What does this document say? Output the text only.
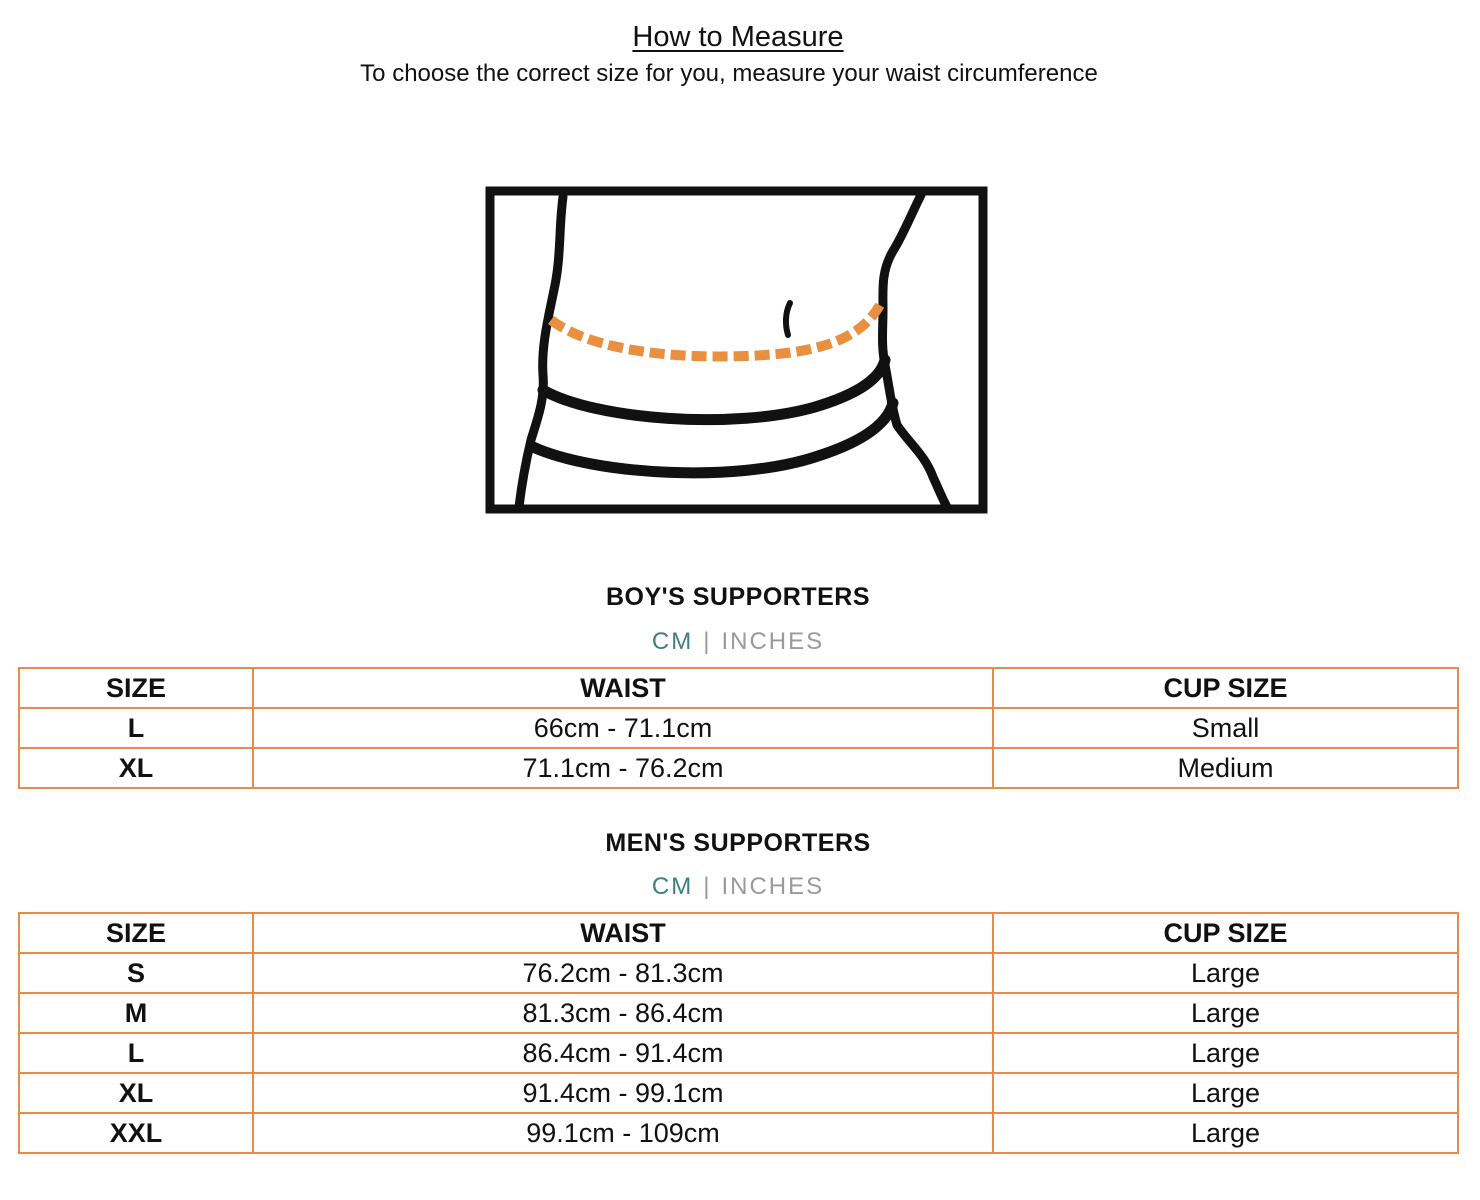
How to Measure
To choose the correct size for you, measure your waist circumference
BOY'S SUPPORTERS
CM | INCHES
SIZE	WAIST	CUP SIZE
L	66cm - 71.1cm	Small
XL	71.1cm - 76.2cm	Medium
MEN'S SUPPORTERS
CM | INCHES
SIZE	WAIST	CUP SIZE
S	76.2cm - 81.3cm	Large
M	81.3cm - 86.4cm	Large
L	86.4cm - 91.4cm	Large
XL	91.4cm - 99.1cm	Large
XXL	99.1cm - 109cm	Large
